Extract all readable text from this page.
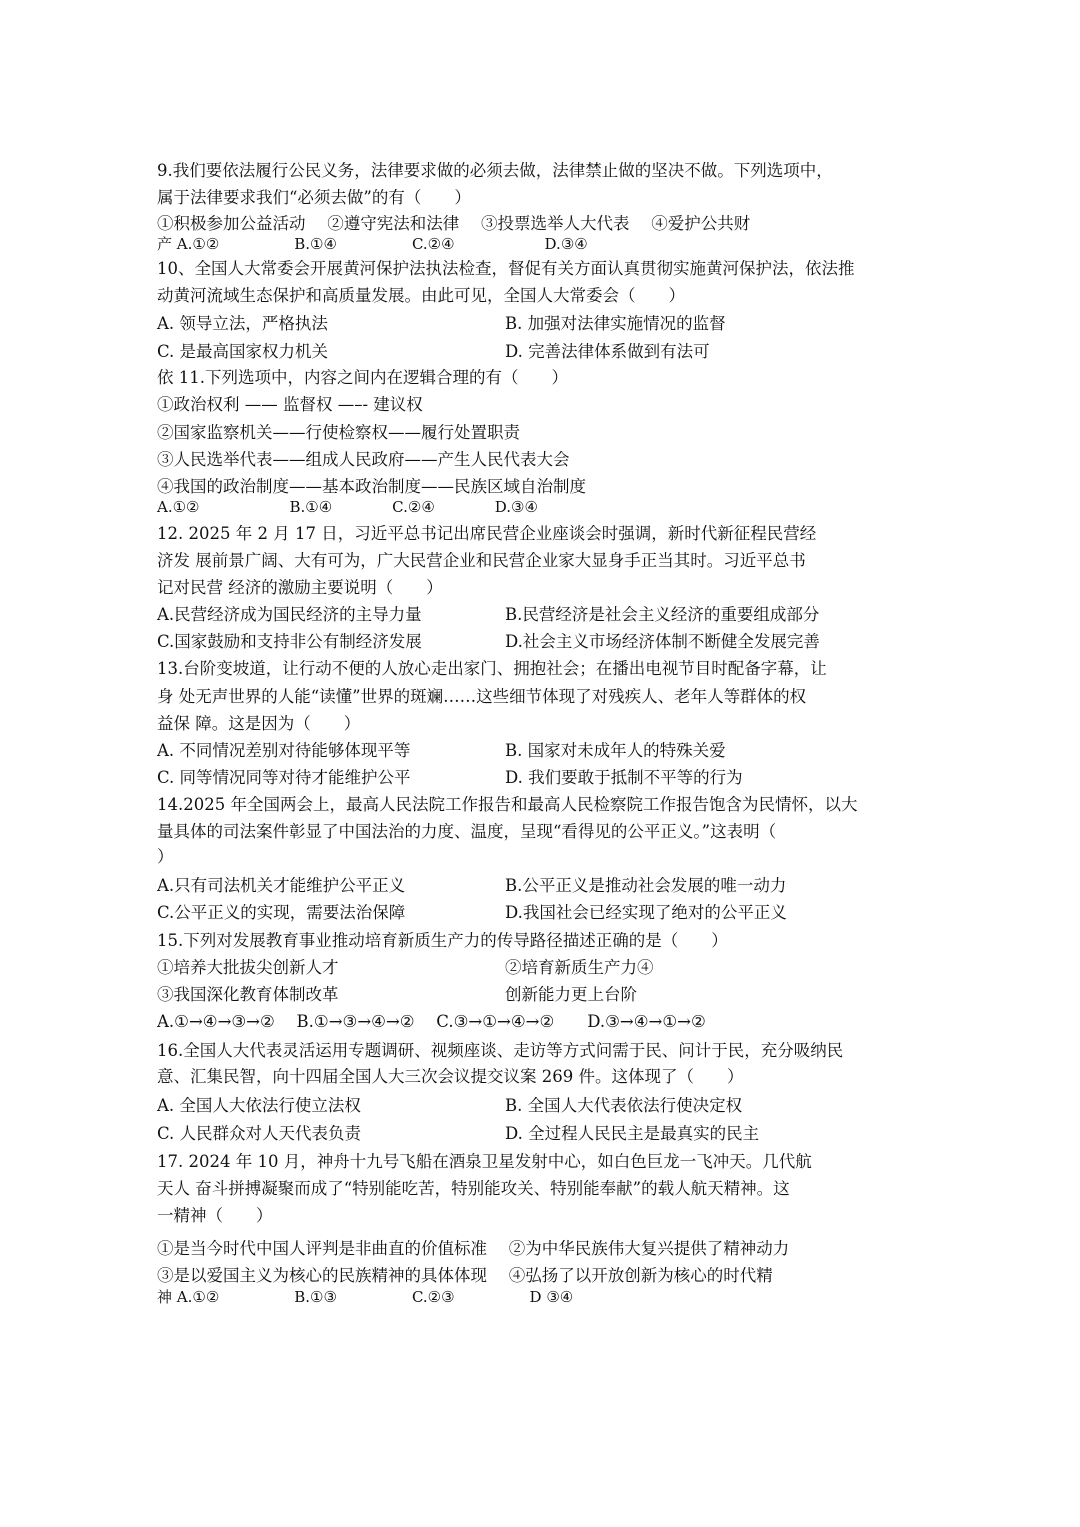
9.我们要依法履行公民义务，法律要求做的必须去做，法律禁止做的坚决不做。下列选项中，
属于法律要求我们“必须去做”的有（　　）
①积极参加公益活动　 ②遵守宪法和法律 　③投票选举人大代表　 ④爱护公共财
产 A.①②　　　　　B.①④　　　　　C.②④　　　　　　D.③④
10、全国人大常委会开展黄河保护法执法检查，督促有关方面认真贯彻实施黄河保护法，依法推
动黄河流域生态保护和高质量发展。由此可见，全国人大常委会（　　）
A. 领导立法，严格执法	B. 加强对法律实施情况的监督
C. 是最高国家权力机关	D. 完善法律体系做到有法可
依 11.下列选项中，内容之间内在逻辑合理的有（　　）
①政治权利 —— 监督权 —–- 建议权
②国家监察机关——行使检察权——履行处置职责
③人民选举代表——组成人民政府——产生人民代表大会
④我国的政治制度——基本政治制度——民族区域自治制度
A.①②　　　　　　B.①④　　　　C.②④　　　　D.③④
12. 2025 年 2 月 17 日，习近平总书记出席民营企业座谈会时强调，新时代新征程民营经
济发 展前景广阔、大有可为，广大民营企业和民营企业家大显身手正当其时。习近平总书
记对民营 经济的激励主要说明（　　）
A.民营经济成为国民经济的主导力量	B.民营经济是社会主义经济的重要组成部分
C.国家鼓励和支持非公有制经济发展	D.社会主义市场经济体制不断健全发展完善
13.台阶变坡道，让行动不便的人放心走出家门、拥抱社会；在播出电视节目时配备字幕，让
身 处无声世界的人能“读懂”世界的斑斓……这些细节体现了对残疾人、老年人等群体的权
益保 障。这是因为（　　）
A. 不同情况差别对待能够体现平等	B. 国家对未成年人的特殊关爱
C. 同等情况同等对待才能维护公平	D. 我们要敢于抵制不平等的行为
14.2025 年全国两会上，最高人民法院工作报告和最高人民检察院工作报告饱含为民情怀，以大
量具体的司法案件彰显了中国法治的力度、温度，呈现“看得见的公平正义。”这表明（
）
A.只有司法机关才能维护公平正义	B.公平正义是推动社会发展的唯一动力
C.公平正义的实现，需要法治保障	D.我国社会已经实现了绝对的公平正义
15.下列对发展教育事业推动培育新质生产力的传导路径描述正确的是（　　）
①培养大批拔尖创新人才	②培育新质生产力④
③我国深化教育体制改革	创新能力更上台阶
A.①→④→③→②　 B.①→③→④→②　 C.③→①→④→②　　D.③→④→①→②
16.全国人大代表灵活运用专题调研、视频座谈、走访等方式问需于民、问计于民，充分吸纳民
意、汇集民智，向十四届全国人大三次会议提交议案 269 件。这体现了（　　）
A. 全国人大依法行使立法权	B. 全国人大代表依法行使决定权
C. 人民群众对人天代表负责	D. 全过程人民民主是最真实的民主
17. 2024 年 10 月，神舟十九号飞船在酒泉卫星发射中心，如白色巨龙一飞冲天。几代航
天人 奋斗拼搏凝聚而成了“特别能吃苦，特别能攻关、特别能奉献”的载人航天精神。这
一精神（　　）
①是当今时代中国人评判是非曲直的价值标准　 ②为中华民族伟大复兴提供了精神动力
③是以爱国主义为核心的民族精神的具体体现　 ④弘扬了以开放创新为核心的时代精
神 A.①②　　　　　B.①③　　　　　C.②③　　　　　D ③④
